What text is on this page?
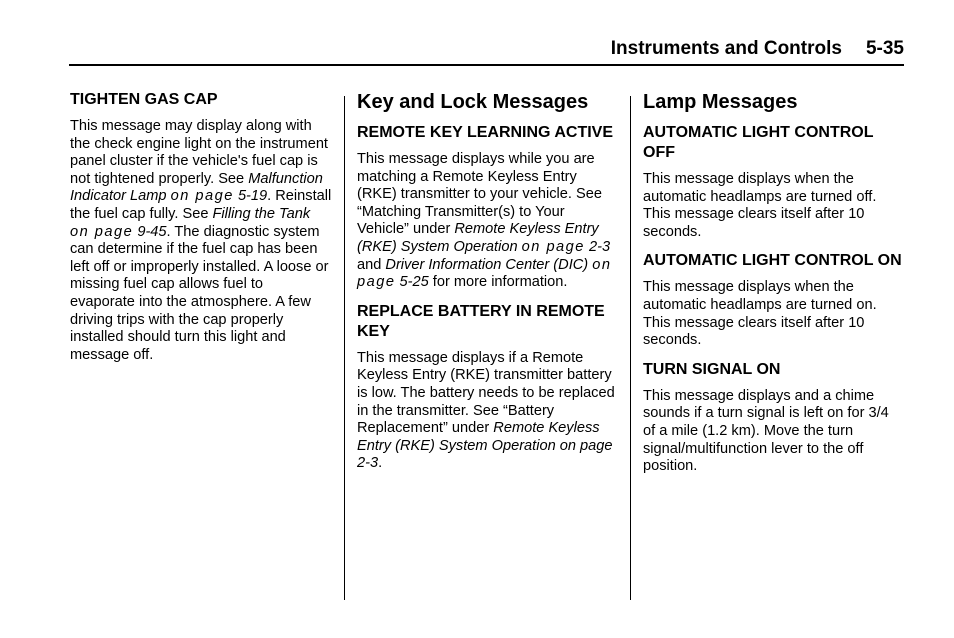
Instruments and Controls 5-35
TIGHTEN GAS CAP

This message may display along with the check engine light on the instrument panel cluster if the vehicle's fuel cap is not tightened properly. See Malfunction Indicator Lamp on page 5-19. Reinstall the fuel cap fully. See Filling the Tank on page 9-45. The diagnostic system can determine if the fuel cap has been left off or improperly installed. A loose or missing fuel cap allows fuel to evaporate into the atmosphere. A few driving trips with the cap properly installed should turn this light and message off.

Key and Lock Messages
REMOTE KEY LEARNING ACTIVE

This message displays while you are matching a Remote Keyless Entry (RKE) transmitter to your vehicle. See “Matching Transmitter(s) to Your Vehicle” under Remote Keyless Entry (RKE) System Operation on page 2-3 and Driver Information Center (DIC) on page 5-25 for more information.

REPLACE BATTERY IN REMOTE KEY

This message displays if a Remote Keyless Entry (RKE) transmitter battery is low. The battery needs to be replaced in the transmitter. See “Battery Replacement” under Remote Keyless Entry (RKE) System Operation on page 2-3.

Lamp Messages
AUTOMATIC LIGHT CONTROL OFF

This message displays when the automatic headlamps are turned off. This message clears itself after 10 seconds.

AUTOMATIC LIGHT CONTROL ON

This message displays when the automatic headlamps are turned on. This message clears itself after 10 seconds.

TURN SIGNAL ON

This message displays and a chime sounds if a turn signal is left on for 3/4 of a mile (1.2 km). Move the turn signal/multifunction lever to the off position.
